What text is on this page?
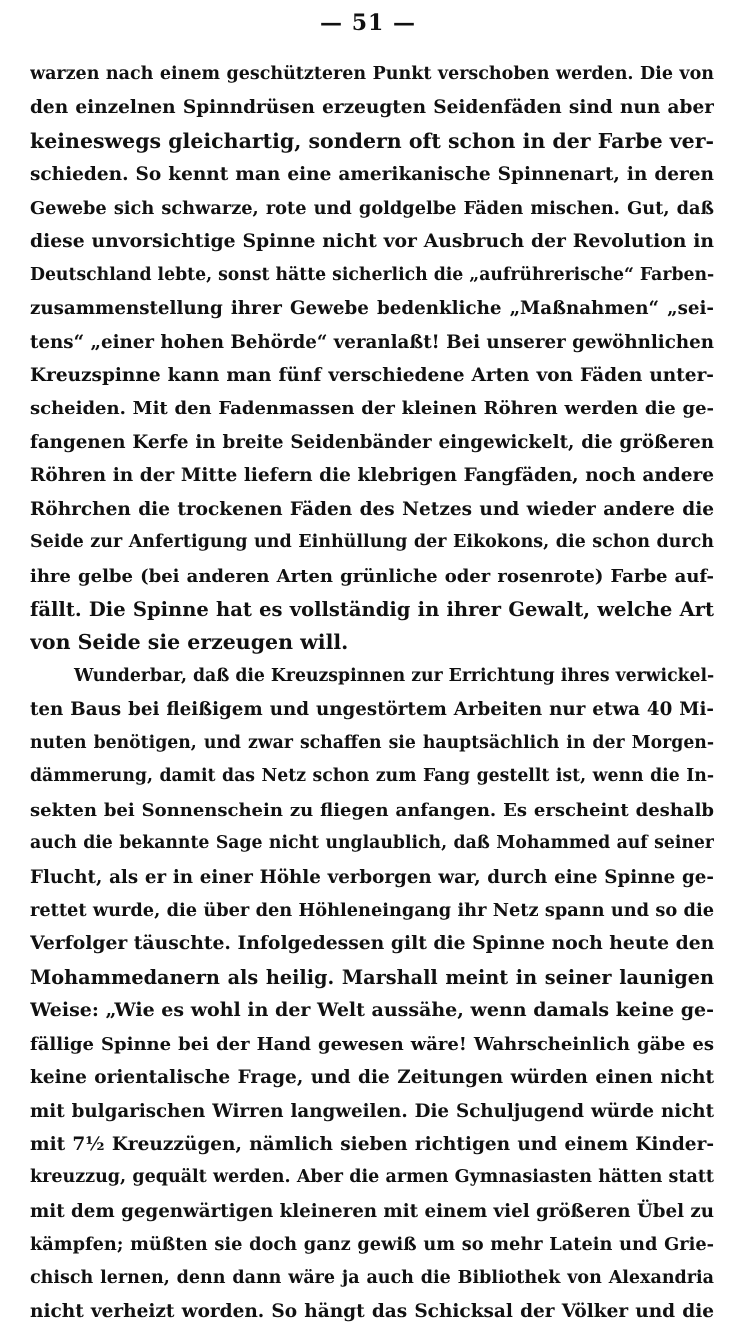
— 51 —
warzen nach einem geschützteren Punkt verschoben werden. Die von
den einzelnen Spinndrüsen erzeugten Seidenfäden sind nun aber
keineswegs gleichartig, sondern oft schon in der Farbe ver-
schieden. So kennt man eine amerikanische Spinnenart, in deren
Gewebe sich schwarze, rote und goldgelbe Fäden mischen. Gut, daß
diese unvorsichtige Spinne nicht vor Ausbruch der Revolution in
Deutschland lebte, sonst hätte sicherlich die „aufrührerische“ Farben-
zusammenstellung ihrer Gewebe bedenkliche „Maßnahmen“ „sei-
tens“ „einer hohen Behörde“ veranlaßt! Bei unserer gewöhnlichen
Kreuzspinne kann man fünf verschiedene Arten von Fäden unter-
scheiden. Mit den Fadenmassen der kleinen Röhren werden die ge-
fangenen Kerfe in breite Seidenbänder eingewickelt, die größeren
Röhren in der Mitte liefern die klebrigen Fangfäden, noch andere
Röhrchen die trockenen Fäden des Netzes und wieder andere die
Seide zur Anfertigung und Einhüllung der Eikokons, die schon durch
ihre gelbe (bei anderen Arten grünliche oder rosenrote) Farbe auf-
fällt. Die Spinne hat es vollständig in ihrer Gewalt, welche Art
von Seide sie erzeugen will.
Wunderbar, daß die Kreuzspinnen zur Errichtung ihres verwickel-
ten Baus bei fleißigem und ungestörtem Arbeiten nur etwa 40 Mi-
nuten benötigen, und zwar schaffen sie hauptsächlich in der Morgen-
dämmerung, damit das Netz schon zum Fang gestellt ist, wenn die In-
sekten bei Sonnenschein zu fliegen anfangen. Es erscheint deshalb
auch die bekannte Sage nicht unglaublich, daß Mohammed auf seiner
Flucht, als er in einer Höhle verborgen war, durch eine Spinne ge-
rettet wurde, die über den Höhleneingang ihr Netz spann und so die
Verfolger täuschte. Infolgedessen gilt die Spinne noch heute den
Mohammedanern als heilig. Marshall meint in seiner launigen
Weise: „Wie es wohl in der Welt aussähe, wenn damals keine ge-
fällige Spinne bei der Hand gewesen wäre! Wahrscheinlich gäbe es
keine orientalische Frage, und die Zeitungen würden einen nicht
mit bulgarischen Wirren langweilen. Die Schuljugend würde nicht
mit 7½ Kreuzzügen, nämlich sieben richtigen und einem Kinder-
kreuzzug, gequält werden. Aber die armen Gymnasiasten hätten statt
mit dem gegenwärtigen kleineren mit einem viel größeren Übel zu
kämpfen; müßten sie doch ganz gewiß um so mehr Latein und Grie-
chisch lernen, denn dann wäre ja auch die Bibliothek von Alexandria
nicht verheizt worden. So hängt das Schicksal der Völker und die
